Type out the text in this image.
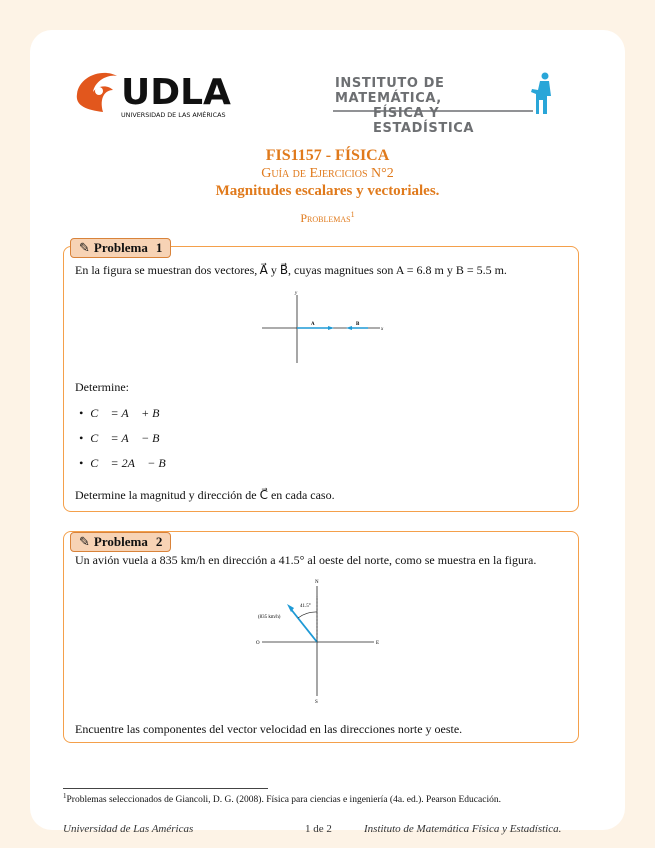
UDLA
UNIVERSIDAD DE LAS AMÉRICAS
INSTITUTO DE MATEMÁTICA,
FÍSICA Y ESTADÍSTICA
FIS1157 - FÍSICA
Guía de Ejercicios N°2
Magnitudes escalares y vectoriales.
Problemas$^1$
✎ Problema 1
En la figura se muestran dos vectores, A⃗ y B⃗, cuyas magnitues son A = 6.8 m y B = 5.5 m.
y
x
A	B
Determine:
• C⃗ = A⃗ + B⃗
• C⃗ = A⃗ − B⃗
• C⃗ = 2A⃗ − B⃗
Determine la magnitud y dirección de C⃗ en cada caso.
✎ Problema 2
Un avión vuela a 835 km/h en dirección a 41.5° al oeste del norte, como se muestra en la figura.
N
S
O	E
41.5°
(835 km/h)
Encuentre las componentes del vector velocidad en las direcciones norte y oeste.
$^1$Problemas seleccionados de Giancoli, D. G. (2008). Física para ciencias e ingeniería (4a. ed.). Pearson Educación.
Universidad de Las Américas	1 de 2	Instituto de Matemática Física y Estadística.
